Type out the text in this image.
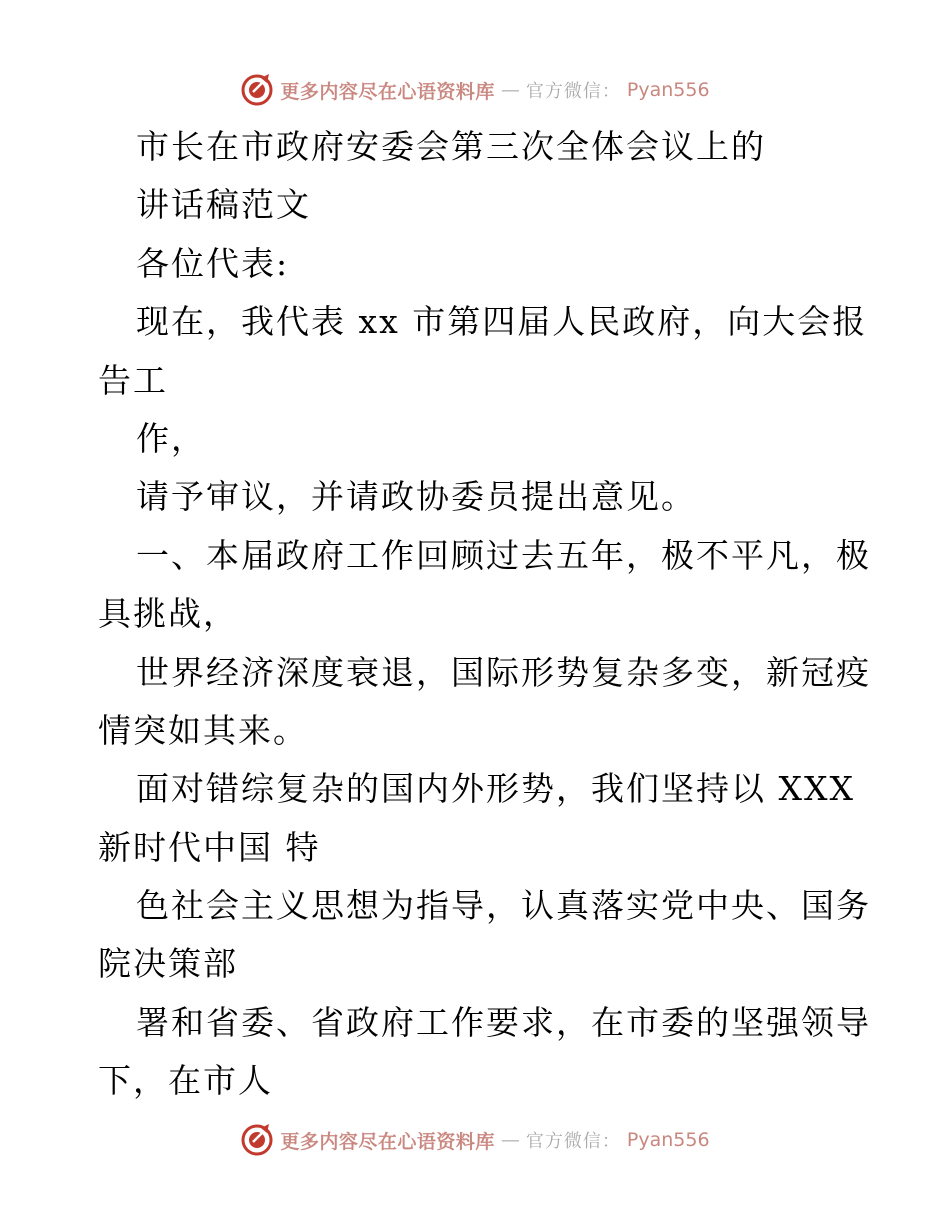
更多内容尽在心语资料库 — 官方微信： Pyan556
市长在市政府安委会第三次全体会议上的
讲话稿范文
各位代表:
现在，我代表 xx 市第四届人民政府，向大会报
告工
作，
请予审议，并请政协委员提出意见。
一、本届政府工作回顾过去五年，极不平凡，极
具挑战，
世界经济深度衰退，国际形势复杂多变，新冠疫
情突如其来。
面对错综复杂的国内外形势，我们坚持以 XXX
新时代中国 特
色社会主义思想为指导，认真落实党中央、国务
院决策部
署和省委、省政府工作要求，在市委的坚强领导
下，在市人
更多内容尽在心语资料库 — 官方微信： Pyan556
